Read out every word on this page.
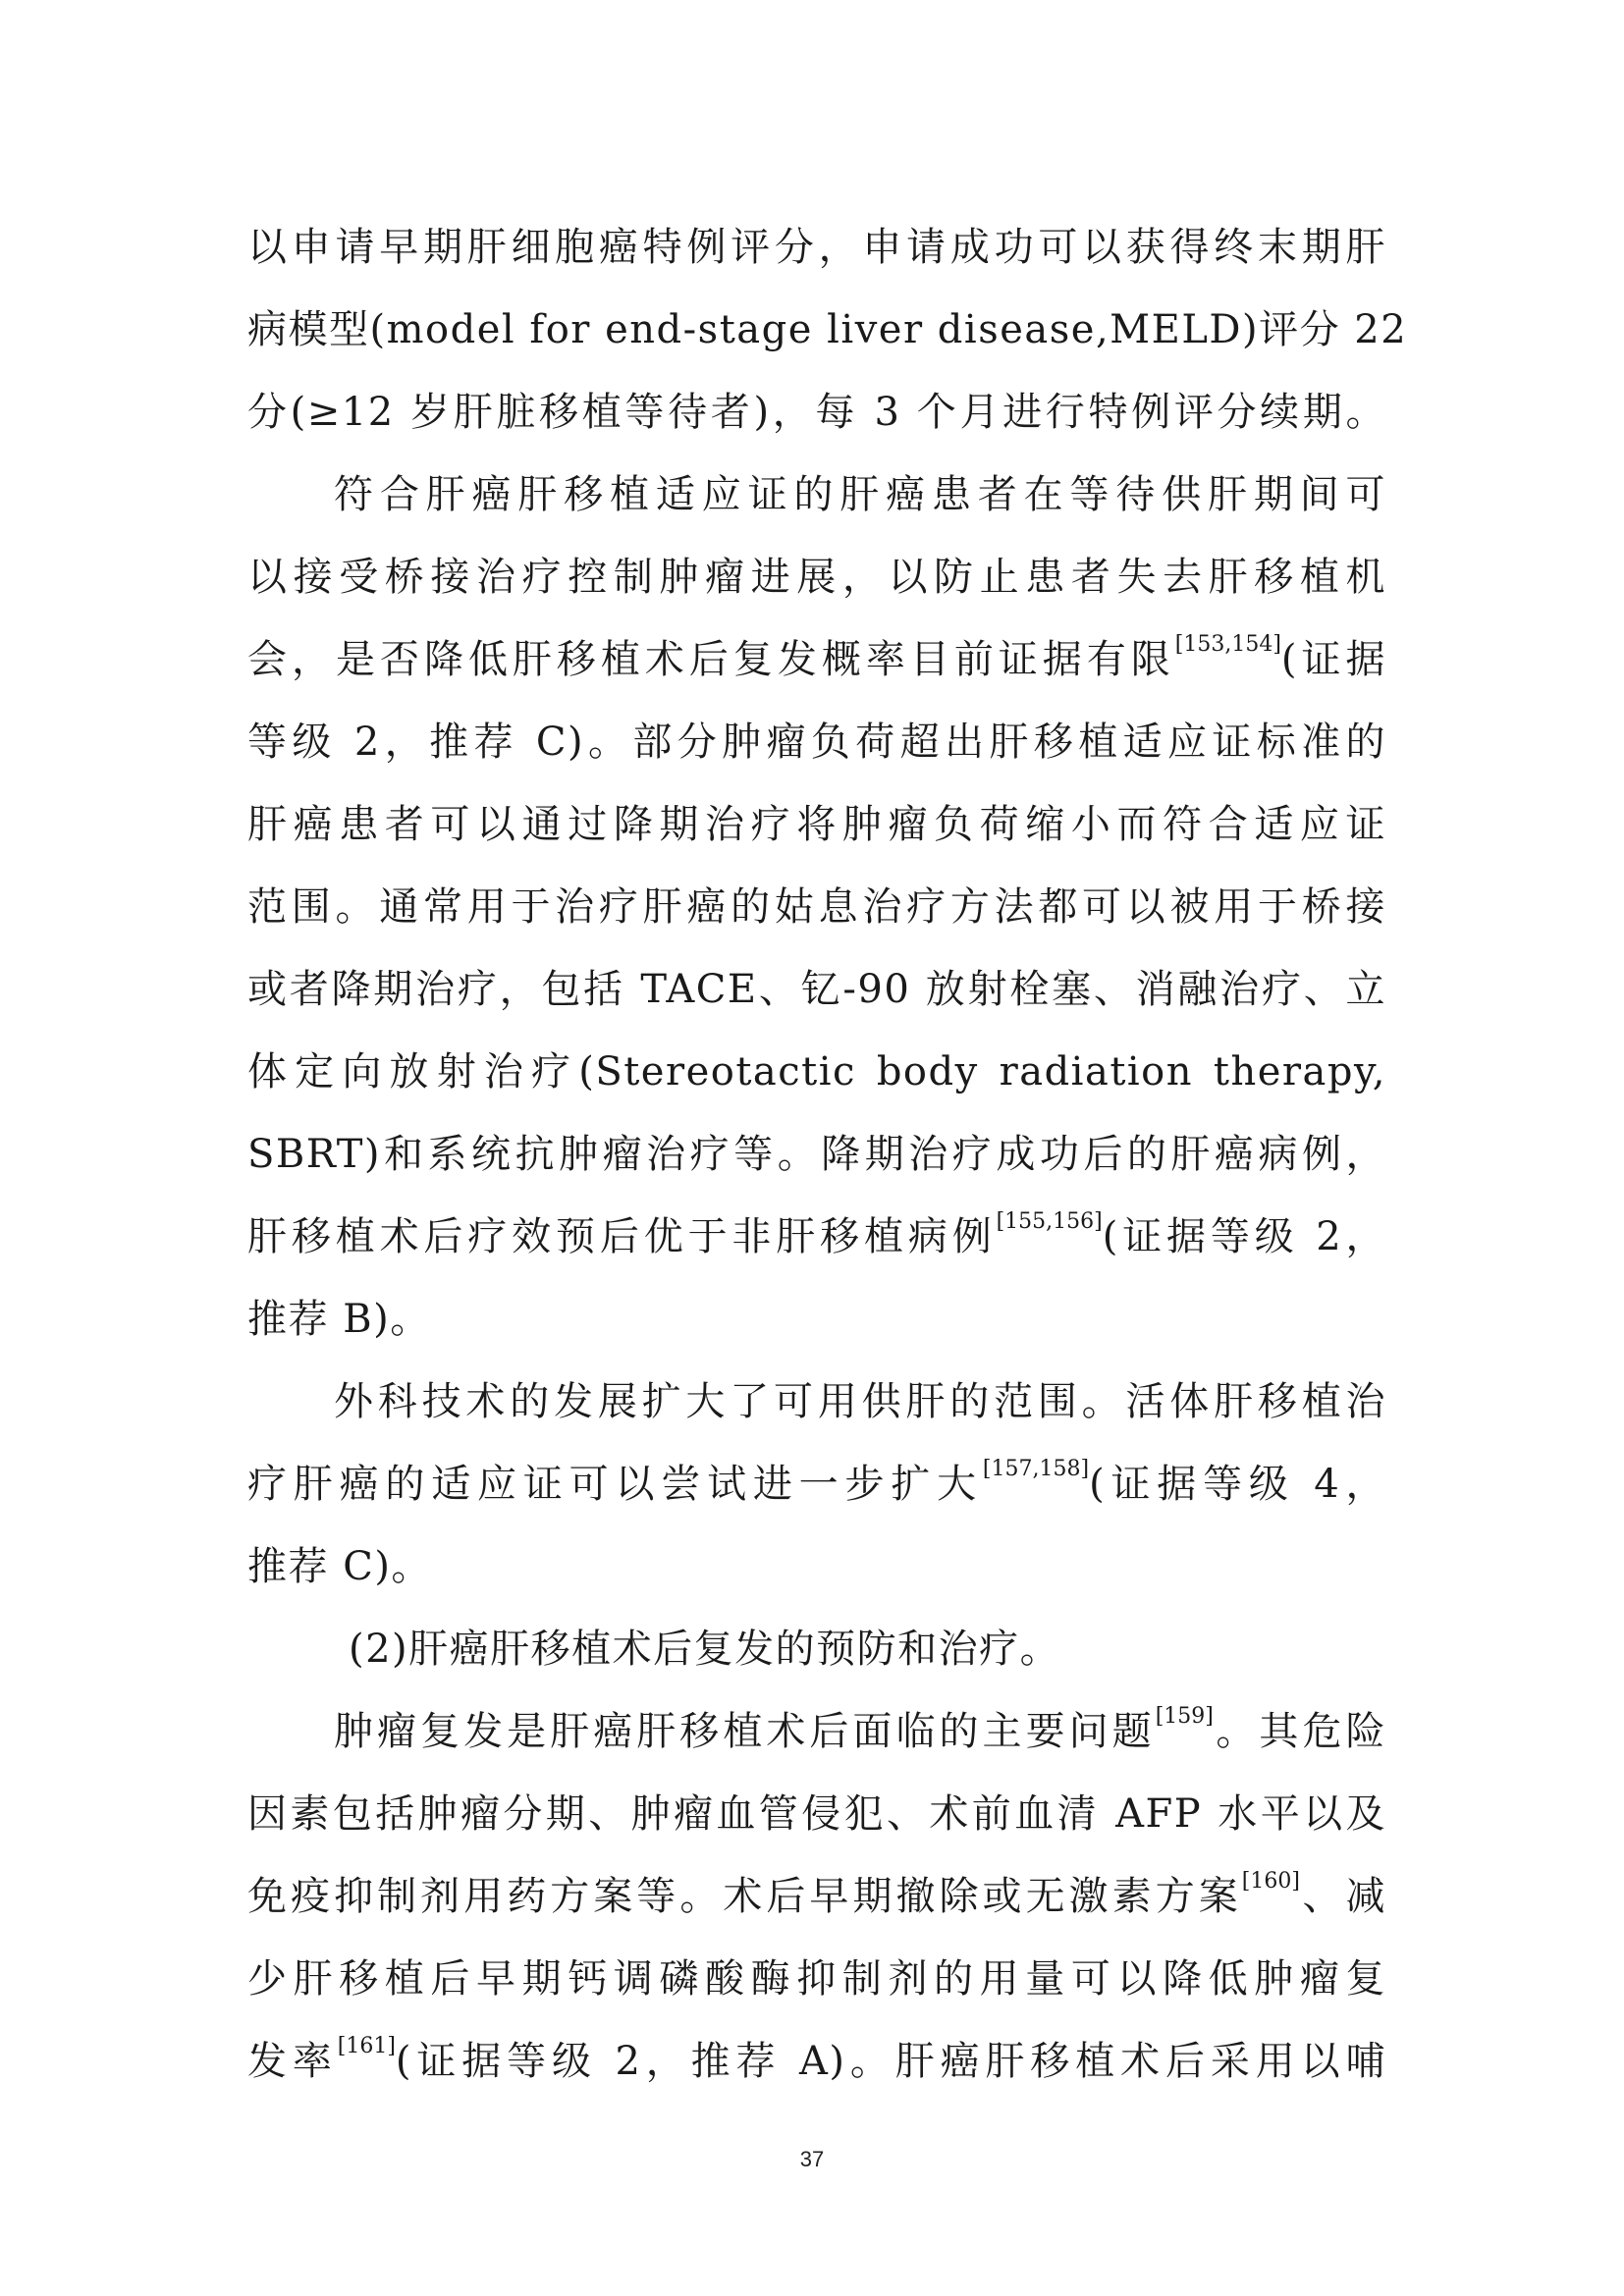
以申请早期肝细胞癌特例评分，申请成功可以获得终末期肝
病模型(model for end-stage liver disease,MELD)评分 22
分(≥12 岁肝脏移植等待者)，每 3 个月进行特例评分续期。
符合肝癌肝移植适应证的肝癌患者在等待供肝期间可
以接受桥接治疗控制肿瘤进展，以防止患者失去肝移植机
会，是否降低肝移植术后复发概率目前证据有限[153,154](证据
等级 2，推荐 C)。部分肿瘤负荷超出肝移植适应证标准的
肝癌患者可以通过降期治疗将肿瘤负荷缩小而符合适应证
范围。通常用于治疗肝癌的姑息治疗方法都可以被用于桥接
或者降期治疗，包括 TACE、钇-90 放射栓塞、消融治疗、立
体定向放射治疗(Stereotactic body radiation therapy,
SBRT)和系统抗肿瘤治疗等。降期治疗成功后的肝癌病例，
肝移植术后疗效预后优于非肝移植病例[155,156](证据等级 2，
推荐 B)。
外科技术的发展扩大了可用供肝的范围。活体肝移植治
疗肝癌的适应证可以尝试进一步扩大[157,158](证据等级 4，
推荐 C)。
(2)肝癌肝移植术后复发的预防和治疗。
肿瘤复发是肝癌肝移植术后面临的主要问题[159]。其危险
因素包括肿瘤分期、肿瘤血管侵犯、术前血清 AFP 水平以及
免疫抑制剂用药方案等。术后早期撤除或无激素方案[160]、减
少肝移植后早期钙调磷酸酶抑制剂的用量可以降低肿瘤复
发率[161](证据等级 2，推荐 A)。肝癌肝移植术后采用以哺
37
